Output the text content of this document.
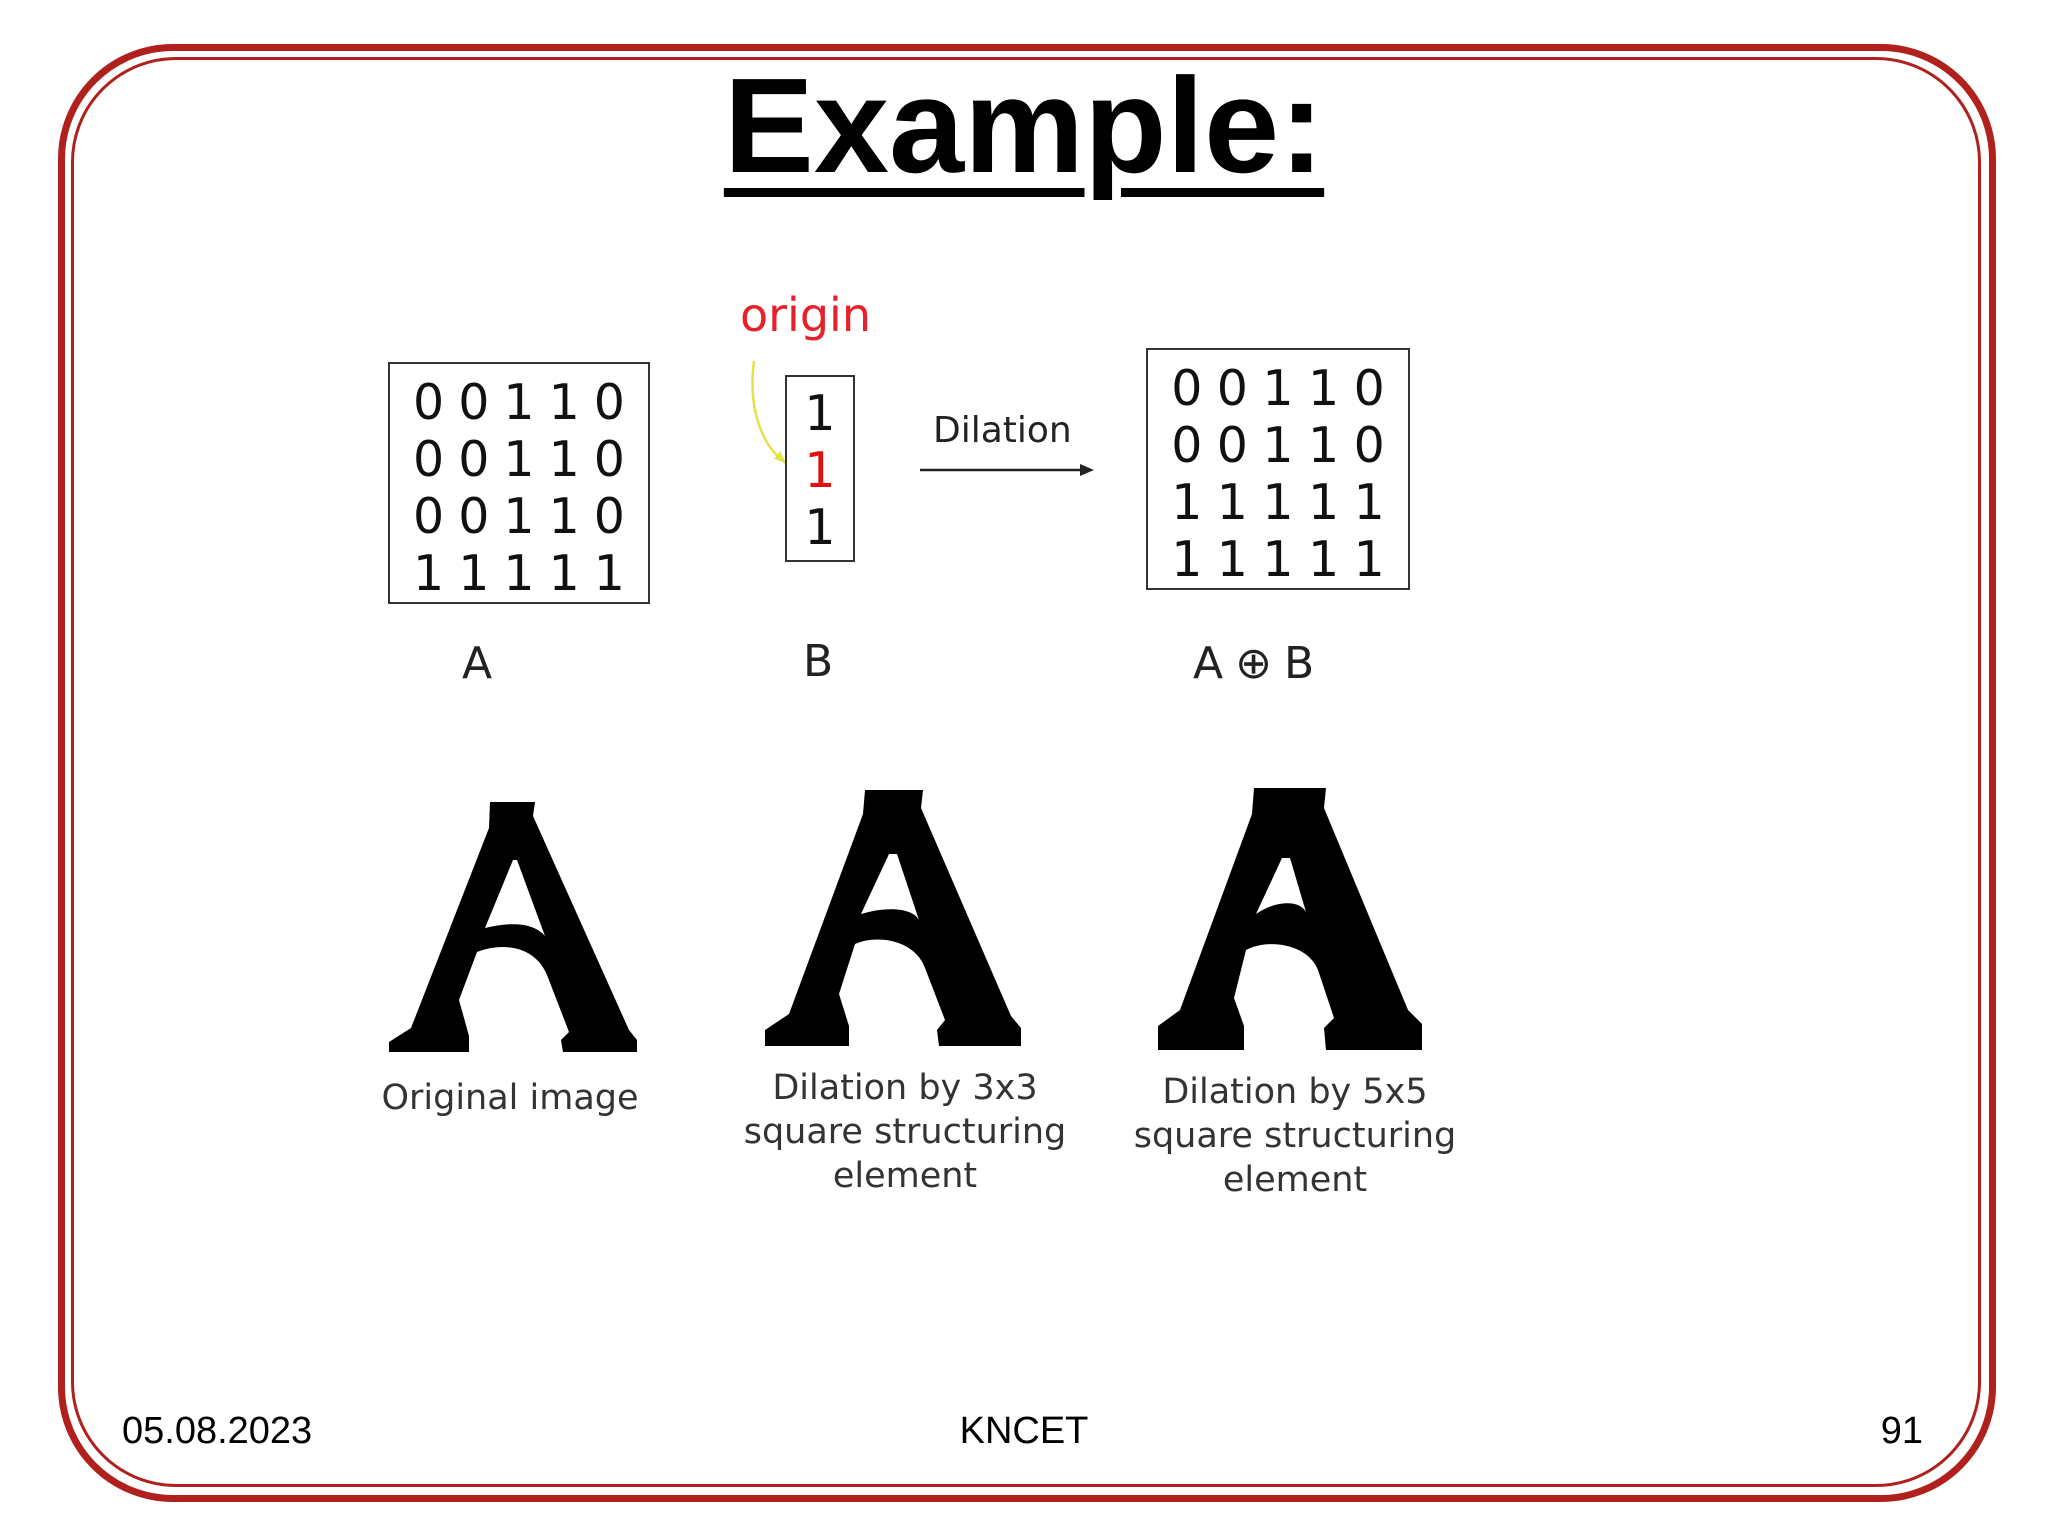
Example:
origin
0 0 1 1 0
0 0 1 1 0
0 0 1 1 0
1 1 1 1 1
1
1
1
Dilation
0 0 1 1 0
0 0 1 1 0
1 1 1 1 1
1 1 1 1 1
A	B	A ⊕ B
Original image	Dilation by 3x3
square structuring
element
Dilation by 5x5
square structuring
element
05.08.2023	KNCET	91
